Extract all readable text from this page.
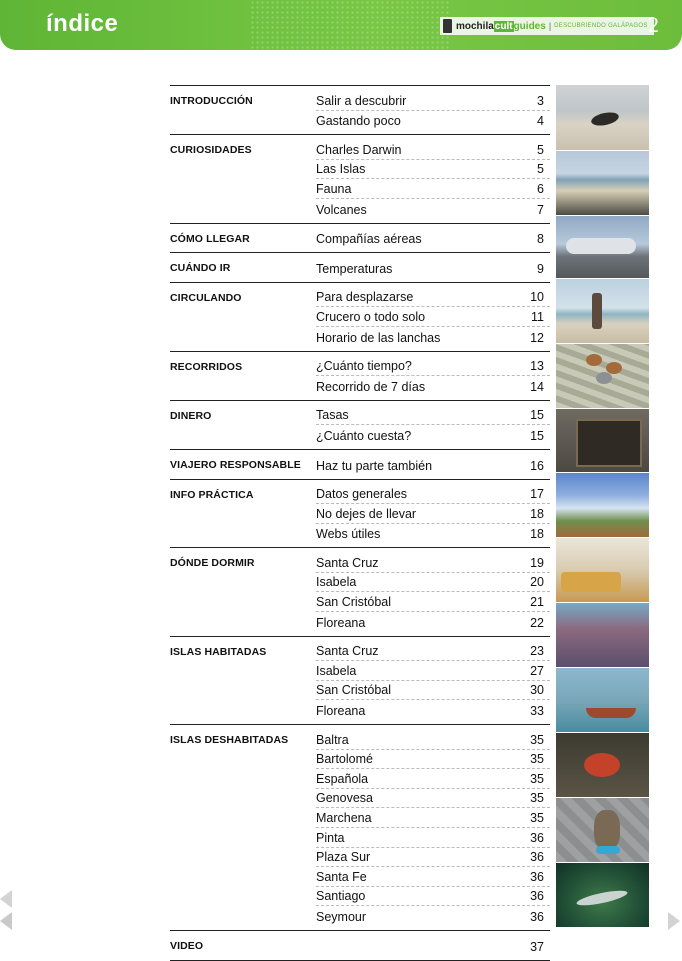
índice	mochila cult guides | DESCUBRIENDO GALÁPAGOS 2
INTRODUCCIÓN	Salir a descubrir	3
Gastando poco	4
CURIOSIDADES	Charles Darwin	5
Las Islas	5
Fauna	6
Volcanes	7
CÓMO LLEGAR	Compañías aéreas	8
CUÁNDO IR	Temperaturas	9
CIRCULANDO	Para desplazarse	10
Crucero o todo solo	11
Horario de las lanchas	12
RECORRIDOS	¿Cuánto tiempo?	13
Recorrido de 7 días	14
DINERO	Tasas	15
¿Cuánto cuesta?	15
VIAJERO RESPONSABLE Haz tu parte también	16
INFO PRÁCTICA	Datos generales	17
No dejes de llevar	18
Webs útiles	18
DÓNDE DORMIR	Santa Cruz	19
Isabela	20
San Cristóbal	21
Floreana	22
ISLAS HABITADAS	Santa Cruz	23
Isabela	27
San Cristóbal	30
Floreana	33
ISLAS DESHABITADAS Baltra	35
Bartolomé	35
Española	35
Genovesa	35
Marchena	35
Pinta	36
Plaza Sur	36
Santa Fe	36
Santiago	36
Seymour	36
VIDEO	37
